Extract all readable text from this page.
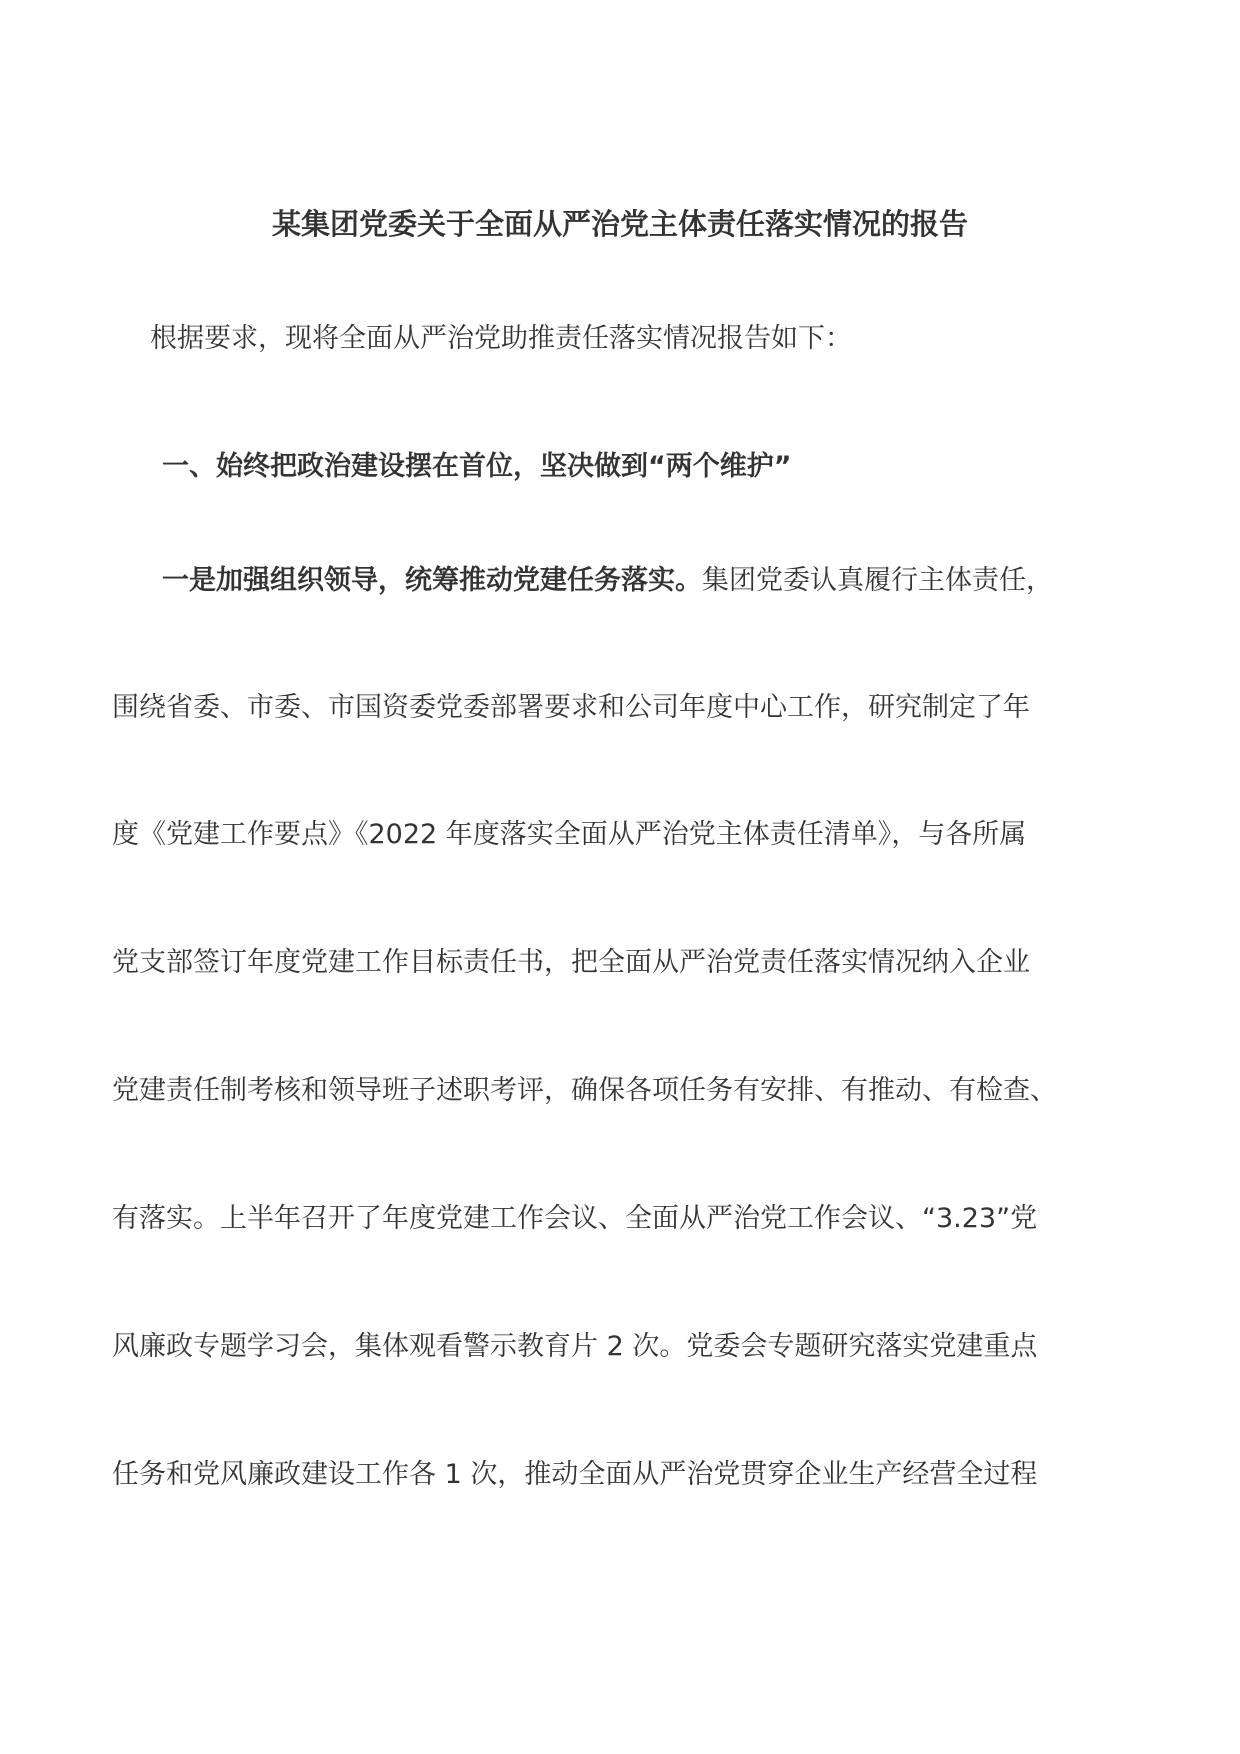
某集团党委关于全面从严治党主体责任落实情况的报告
根据要求，现将全面从严治党助推责任落实情况报告如下：
一、始终把政治建设摆在首位，坚决做到“两个维护”
一是加强组织领导，统筹推动党建任务落实。集团党委认真履行主体责任，
围绕省委、市委、市国资委党委部署要求和公司年度中心工作，研究制定了年
度《党建工作要点》《2022 年度落实全面从严治党主体责任清单》，与各所属
党支部签订年度党建工作目标责任书，把全面从严治党责任落实情况纳入企业
党建责任制考核和领导班子述职考评，确保各项任务有安排、有推动、有检查、
有落实。上半年召开了年度党建工作会议、全面从严治党工作会议、“3.23”党
风廉政专题学习会，集体观看警示教育片 2 次。党委会专题研究落实党建重点
任务和党风廉政建设工作各 1 次，推动全面从严治党贯穿企业生产经营全过程
